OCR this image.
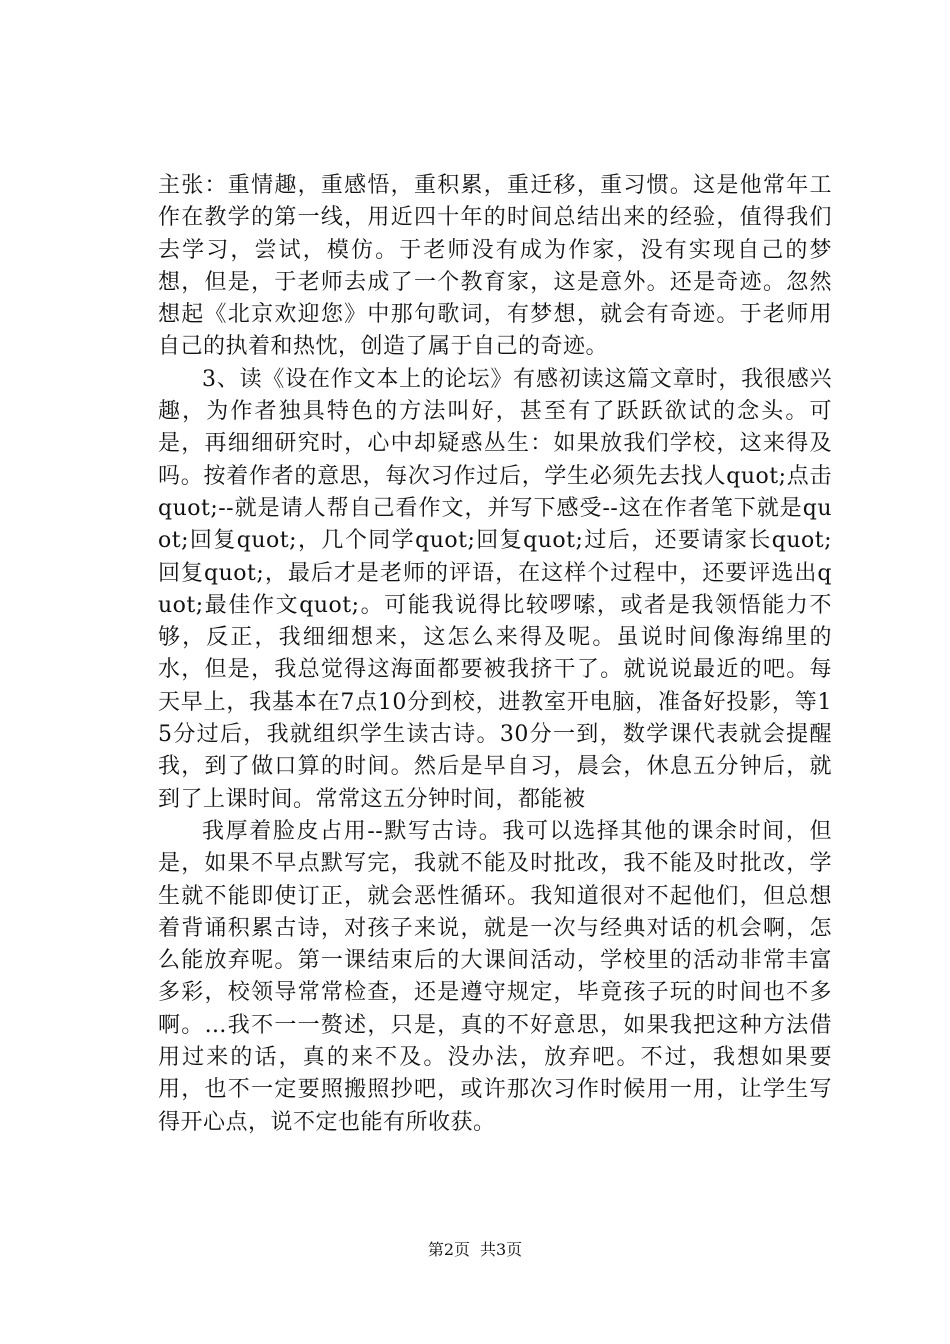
主张：重情趣，重感悟，重积累，重迁移，重习惯。这是他常年工作在教学的第一线，用近四十年的时间总结出来的经验，值得我们去学习，尝试，模仿。于老师没有成为作家，没有实现自己的梦想，但是，于老师去成了一个教育家，这是意外。还是奇迹。忽然想起《北京欢迎您》中那句歌词，有梦想，就会有奇迹。于老师用自己的执着和热忱，创造了属于自己的奇迹。

3、读《设在作文本上的论坛》有感初读这篇文章时，我很感兴趣，为作者独具特色的方法叫好，甚至有了跃跃欲试的念头。可是，再细细研究时，心中却疑惑丛生：如果放我们学校，这来得及吗。按着作者的意思，每次习作过后，学生必须先去找人quot;点击quot;--就是请人帮自己看作文，并写下感受--这在作者笔下就是quot;回复quot;，几个同学quot;回复quot;过后，还要请家长quot;回复quot;，最后才是老师的评语，在这样个过程中，还要评选出quot;最佳作文quot;。可能我说得比较啰嗦，或者是我领悟能力不够，反正，我细细想来，这怎么来得及呢。虽说时间像海绵里的水，但是，我总觉得这海面都要被我挤干了。就说说最近的吧。每天早上，我基本在7点10分到校，进教室开电脑，准备好投影，等15分过后，我就组织学生读古诗。30分一到，数学课代表就会提醒我，到了做口算的时间。然后是早自习，晨会，休息五分钟后，就到了上课时间。常常这五分钟时间，都能被

我厚着脸皮占用--默写古诗。我可以选择其他的课余时间，但是，如果不早点默写完，我就不能及时批改，我不能及时批改，学生就不能即使订正，就会恶性循环。我知道很对不起他们，但总想着背诵积累古诗，对孩子来说，就是一次与经典对话的机会啊，怎么能放弃呢。第一课结束后的大课间活动，学校里的活动非常丰富多彩，校领导常常检查，还是遵守规定，毕竟孩子玩的时间也不多啊。…我不一一赘述，只是，真的不好意思，如果我把这种方法借用过来的话，真的来不及。没办法，放弃吧。不过，我想如果要用，也不一定要照搬照抄吧，或许那次习作时候用一用，让学生写得开心点，说不定也能有所收获。

第2页 共3页
